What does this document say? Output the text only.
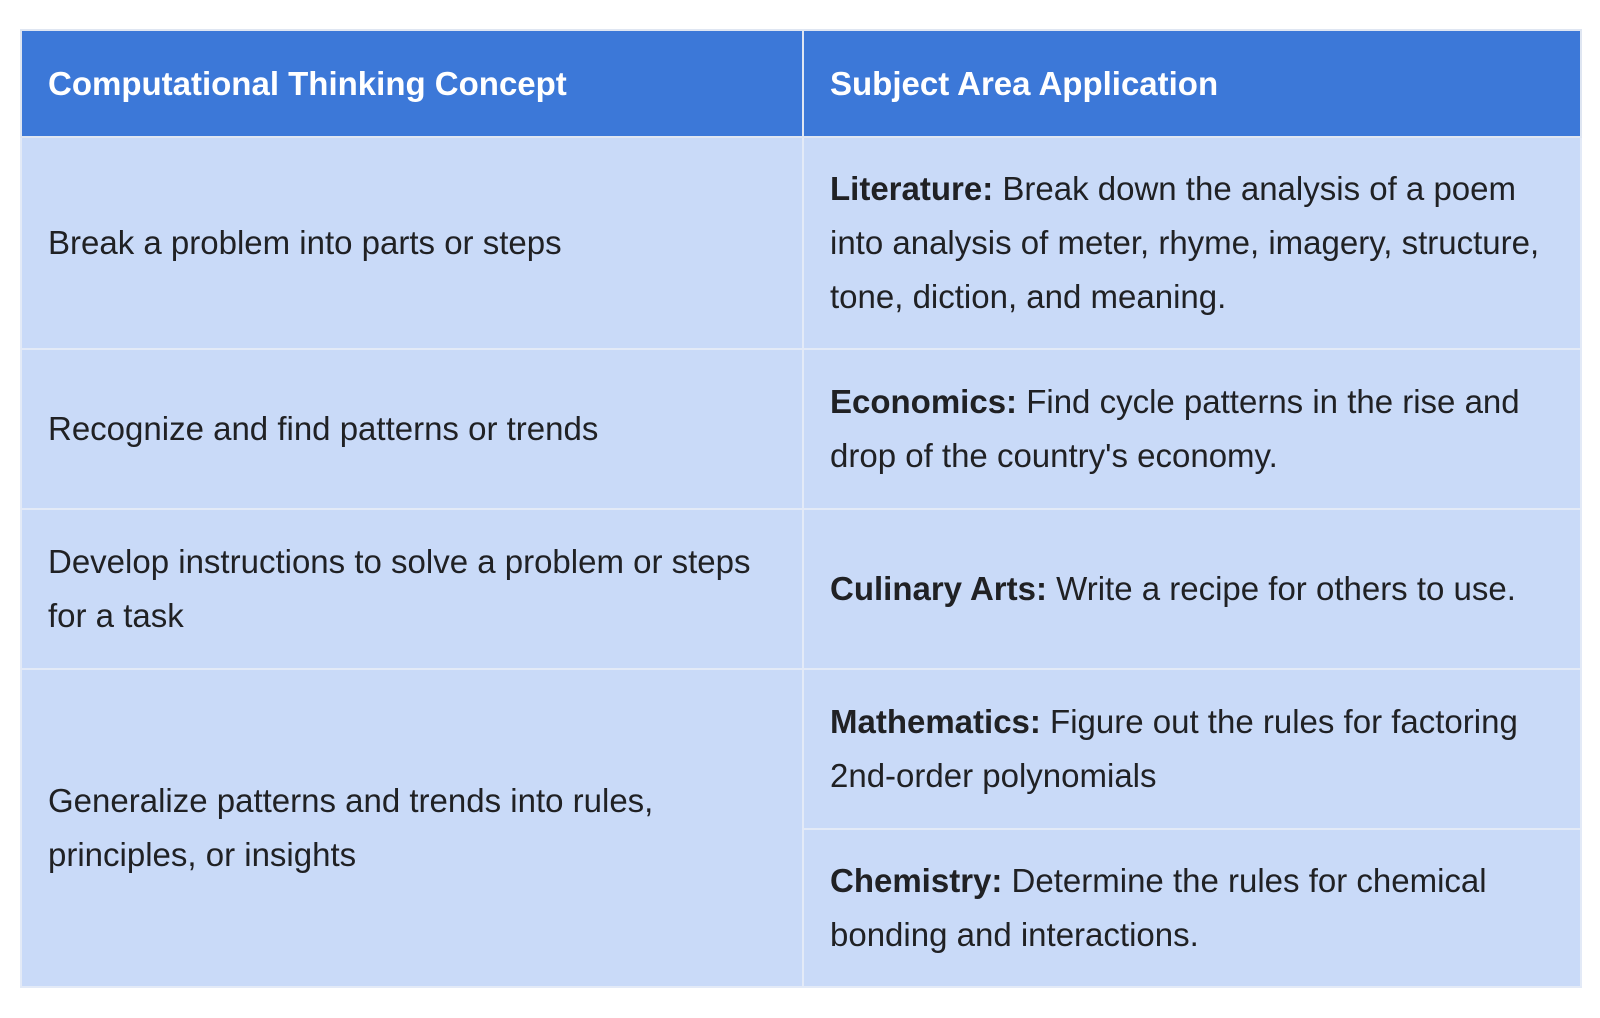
Computational Thinking Concept	Subject Area Application
Break a problem into parts or steps	Literature: Break down the analysis of a poem into analysis of meter, rhyme, imagery, structure, tone, diction, and meaning.
Recognize and find patterns or trends	Economics: Find cycle patterns in the rise and drop of the country's economy.
Develop instructions to solve a problem or steps for a task	Culinary Arts: Write a recipe for others to use.
Generalize patterns and trends into rules, principles, or insights	Mathematics: Figure out the rules for factoring 2nd-order polynomials
	Chemistry: Determine the rules for chemical bonding and interactions.
